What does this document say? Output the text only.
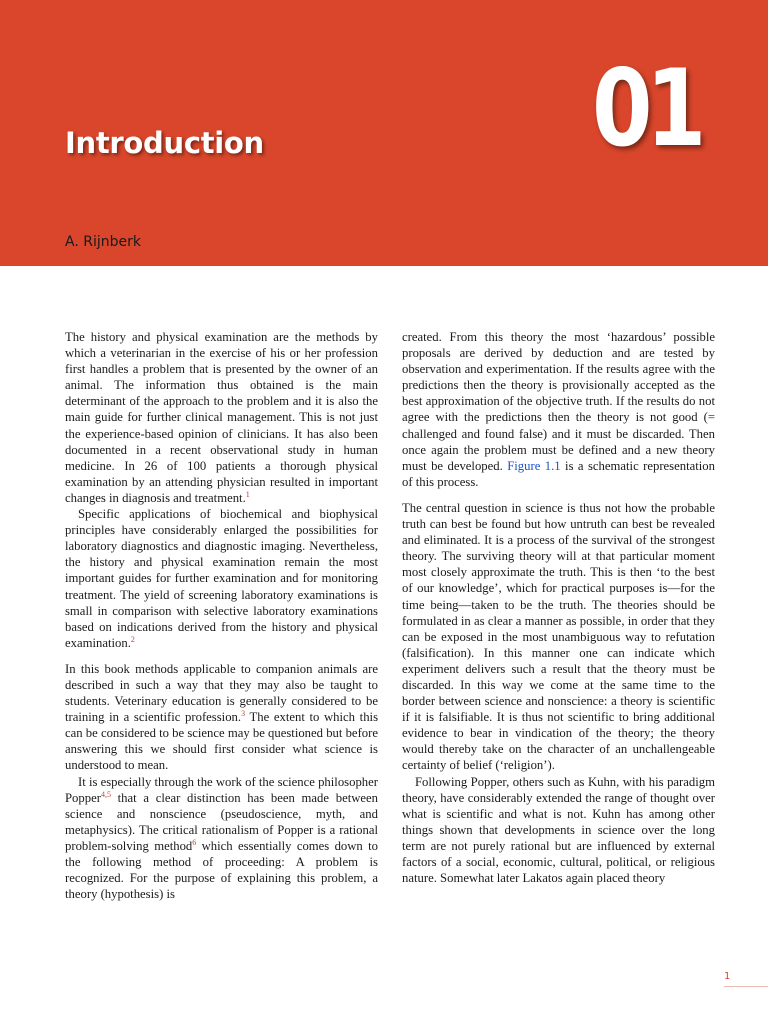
Introduction	01
A. Rijnberk

The history and physical examination are the methods by which a veterinarian in the exercise of his or her profession first handles a problem that is presented by the owner of an animal. The information thus obtained is the main determinant of the approach to the problem and it is also the main guide for further clinical management. This is not just the experience-based opinion of clinicians. It has also been documented in a recent observational study in human medicine. In 26 of 100 patients a thorough physical examination by an attending physician resulted in important changes in diagnosis and treatment.$^1$

Specific applications of biochemical and biophysical principles have considerably enlarged the possibilities for laboratory diagnostics and diagnostic imaging. Nevertheless, the history and physical examination remain the most important guides for further examination and for monitoring treatment. The yield of screening laboratory examinations is small in comparison with selective laboratory examinations based on indications derived from the history and physical examination.$^2$

In this book methods applicable to companion animals are described in such a way that they may also be taught to students. Veterinary education is generally considered to be training in a scientific profession.$^3$ The extent to which this can be considered to be science may be questioned but before answering this we should first consider what science is understood to mean.

It is especially through the work of the science philosopher Popper$^{4,5}$ that a clear distinction has been made between science and nonscience (pseudoscience, myth, and metaphysics). The critical rationalism of Popper is a rational problem-solving method$^6$ which essentially comes down to the following method of proceeding: A problem is recognized. For the purpose of explaining this problem, a theory (hypothesis) is

created. From this theory the most ‘hazardous’ possible proposals are derived by deduction and are tested by observation and experimentation. If the results agree with the predictions then the theory is provisionally accepted as the best approximation of the objective truth. If the results do not agree with the predictions then the theory is not good (= challenged and found false) and it must be discarded. Then once again the problem must be defined and a new theory must be developed. Figure 1.1 is a schematic representation of this process.

The central question in science is thus not how the probable truth can best be found but how untruth can best be revealed and eliminated. It is a process of the survival of the strongest theory. The surviving theory will at that particular moment most closely approximate the truth. This is then ‘to the best of our knowledge’, which for practical purposes is—for the time being—taken to be the truth. The theories should be formulated in as clear a manner as possible, in order that they can be exposed in the most unambiguous way to refutation (falsification). In this manner one can indicate which experiment delivers such a result that the theory must be discarded. In this way we come at the same time to the border between science and nonscience: a theory is scientific if it is falsifiable. It is thus not scientific to bring additional evidence to bear in vindication of the theory; the theory would thereby take on the character of an unchallengeable certainty of belief (‘religion’).

Following Popper, others such as Kuhn, with his paradigm theory, have considerably extended the range of thought over what is scientific and what is not. Kuhn has among other things shown that developments in science over the long term are not purely rational but are influenced by external factors of a social, economic, cultural, political, or religious nature. Somewhat later Lakatos again placed theory

1
